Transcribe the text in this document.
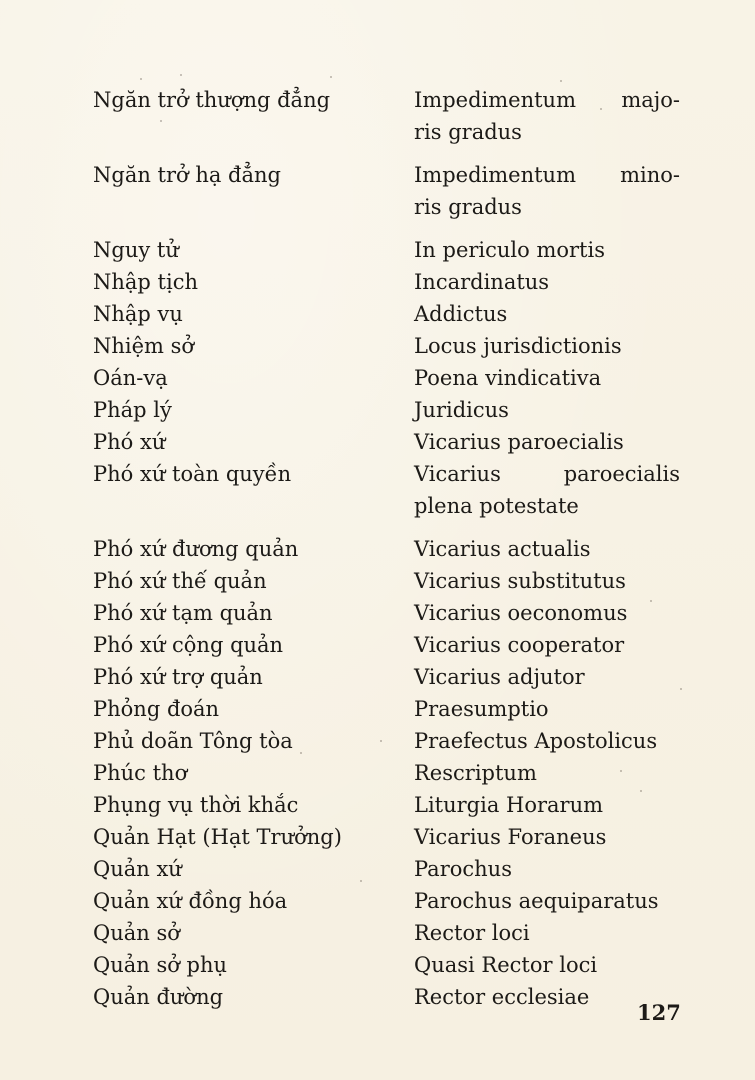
Ngăn trở thượng đẳng	Impedimentum majo-
ris gradus
Ngăn trở hạ đẳng	Impedimentum mino-
ris gradus
Nguy tử	In periculo mortis
Nhập tịch	Incardinatus
Nhập vụ	Addictus
Nhiệm sở	Locus jurisdictionis
Oán-vạ	Poena vindicativa
Pháp lý	Juridicus
Phó xứ	Vicarius paroecialis
Phó xứ toàn quyền	Vicarius paroecialis
plena potestate
Phó xứ đương quản	Vicarius actualis
Phó xứ thế quản	Vicarius substitutus
Phó xứ tạm quản	Vicarius oeconomus
Phó xứ cộng quản	Vicarius cooperator
Phó xứ trợ quản	Vicarius adjutor
Phỏng đoán	Praesumptio
Phủ doãn Tông tòa	Praefectus Apostolicus
Phúc thơ	Rescriptum
Phụng vụ thời khắc	Liturgia Horarum
Quản Hạt (Hạt Trưởng)	Vicarius Foraneus
Quản xứ	Parochus
Quản xứ đồng hóa	Parochus aequiparatus
Quản sở	Rector loci
Quản sở phụ	Quasi Rector loci
Quản đường	Rector ecclesiae
127
